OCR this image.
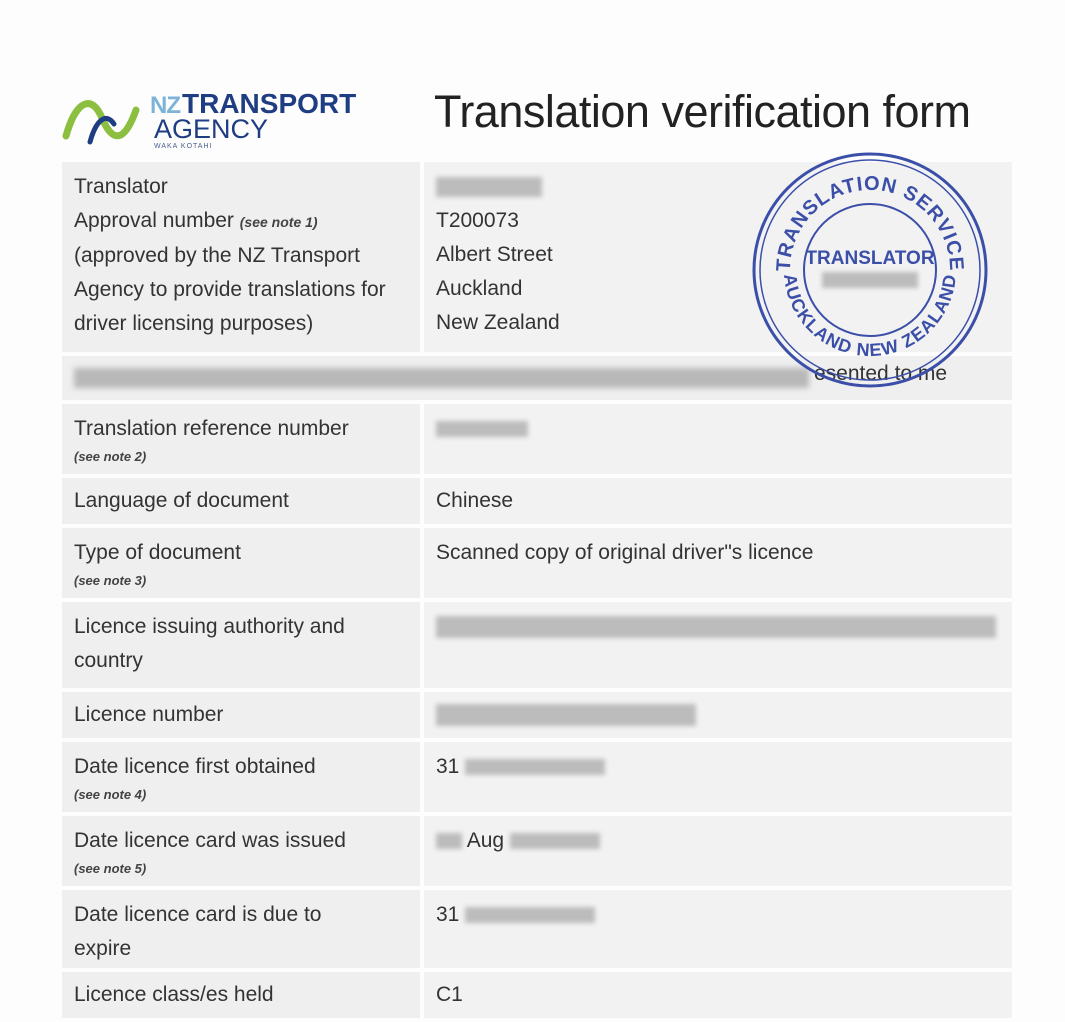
NZ TRANSPORT
AGENCY
WAKA KOTAHI
Translation verification form
Translator
Approval number (see note 1)
(approved by the NZ Transport
Agency to provide translations for
driver licensing purposes)
T200073
Albert Street
Auckland
New Zealand
esented to me
Translation reference number
(see note 2)
Language of document	Chinese
Type of document
(see note 3)
Scanned copy of original driver"s licence
Licence issuing authority and
country
Licence number
Date licence first obtained
(see note 4)
31
Date licence card was issued
(see note 5)
Aug
Date licence card is due to
expire
31
Licence class/es held	C1
TRANSLATION SERVICE
AUCKLAND NEW ZEALAND
TRANSLATOR
